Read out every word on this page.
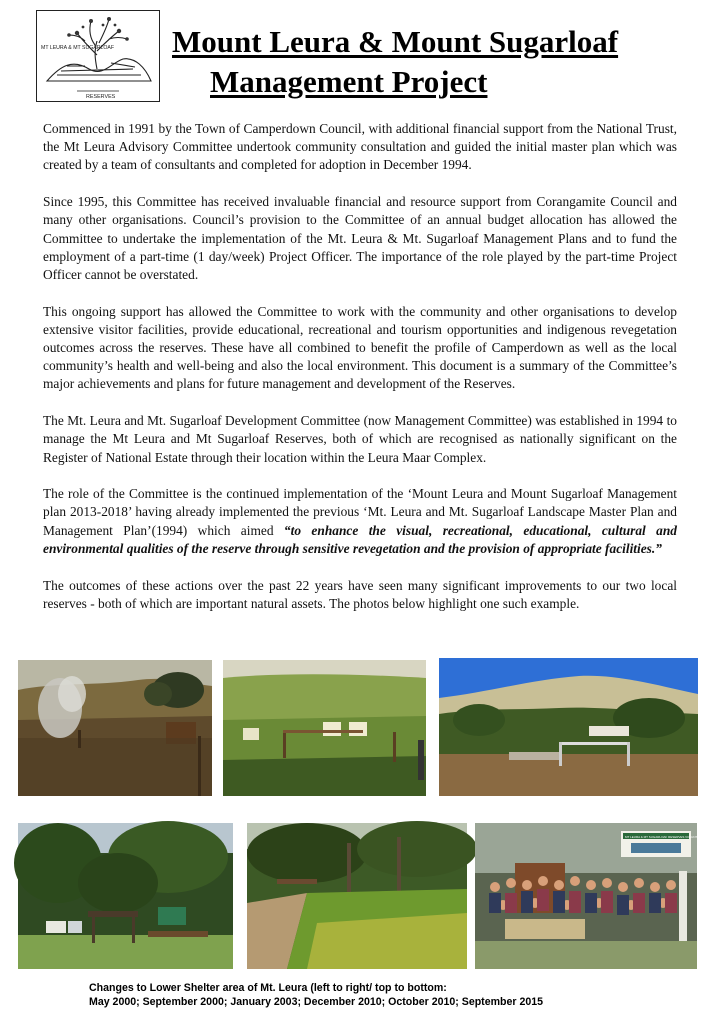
MT LEURA & MT SUGARLOAF
RESERVES
Mount Leura & Mount Sugarloaf
Management Project

Commenced in 1991 by the Town of Camperdown Council, with additional financial support from the National Trust, the Mt Leura Advisory Committee undertook community consultation and guided the initial master plan which was created by a team of consultants and completed for adoption in December 1994.

Since 1995, this Committee has received invaluable financial and resource support from Corangamite Council and many other organisations. Council’s provision to the Committee of an annual budget allocation has allowed the Committee to undertake the implementation of the Mt. Leura & Mt. Sugarloaf Management Plans and to fund the employment of a part-time (1 day/week) Project Officer. The importance of the role played by the part-time Project Officer cannot be overstated.

This ongoing support has allowed the Committee to work with the community and other organisations to develop extensive visitor facilities, provide educational, recreational and tourism opportunities and indigenous revegetation outcomes across the reserves. These have all combined to benefit the profile of Camperdown as well as the local community’s health and well-being and also the local environment. This document is a summary of the Committee’s major achievements and plans for future management and development of the Reserves.

The Mt. Leura and Mt. Sugarloaf Development Committee (now Management Committee) was established in 1994 to manage the Mt Leura and Mt Sugarloaf Reserves, both of which are recognised as nationally significant on the Register of National Estate through their location within the Leura Maar Complex.

The role of the Committee is the continued implementation of the ‘Mount Leura and Mount Sugarloaf Management plan 2013-2018’ having already implemented the previous ‘Mt. Leura and Mt. Sugarloaf Landscape Master Plan and Management Plan’(1994) which aimed “to enhance the visual, recreational, educational, cultural and environmental qualities of the reserve through sensitive revegetation and the provision of appropriate facilities.”

The outcomes of these actions over the past 22 years have seen many significant improvements to our two local reserves - both of which are important natural assets. The photos below highlight one such example.

MT LEURA & MT SUGARLOAF RESERVES VOLUNTEER CENTRE
Changes to Lower Shelter area of Mt. Leura (left to right/ top to bottom:
May 2000; September 2000; January 2003; December 2010; October 2010; September 2015
